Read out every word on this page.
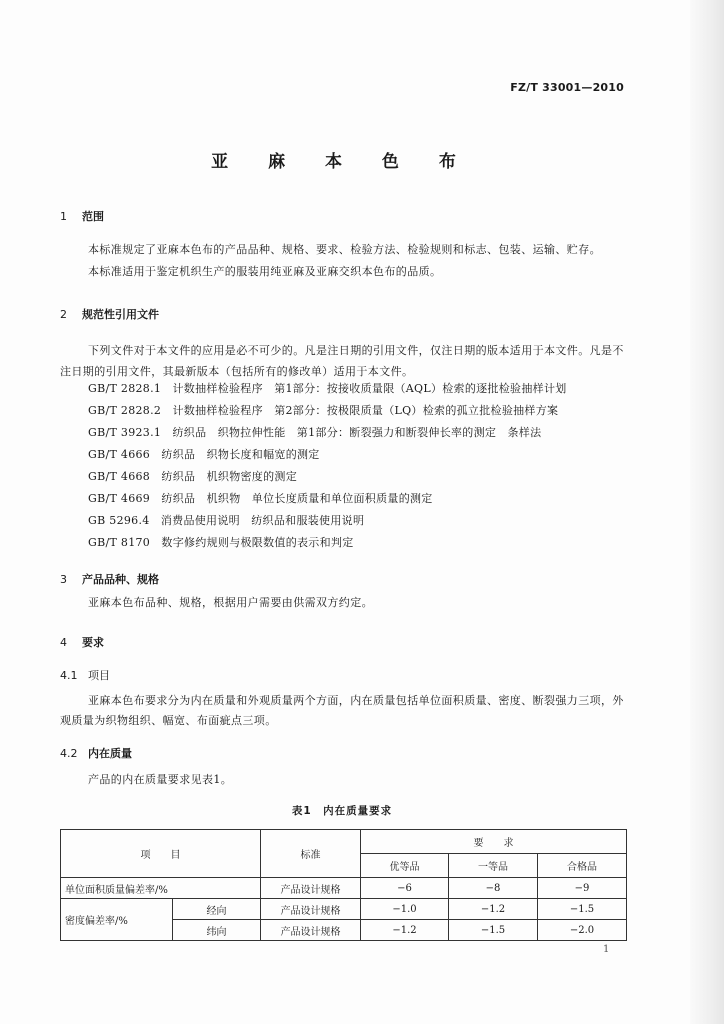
FZ/T 33001—2010
亚 麻 本 色 布
1 范围
本标准规定了亚麻本色布的产品品种、规格、要求、检验方法、检验规则和标志、包装、运输、贮存。
本标准适用于鉴定机织生产的服装用纯亚麻及亚麻交织本色布的品质。
2 规范性引用文件
下列文件对于本文件的应用是必不可少的。凡是注日期的引用文件，仅注日期的版本适用于本文件。凡是不注日期的引用文件，其最新版本（包括所有的修改单）适用于本文件。
GB/T 2828.1　计数抽样检验程序　第1部分：按接收质量限（AQL）检索的逐批检验抽样计划
GB/T 2828.2　计数抽样检验程序　第2部分：按极限质量（LQ）检索的孤立批检验抽样方案
GB/T 3923.1　纺织品　织物拉伸性能　第1部分：断裂强力和断裂伸长率的测定　条样法
GB/T 4666　纺织品　织物长度和幅宽的测定
GB/T 4668　纺织品　机织物密度的测定
GB/T 4669　纺织品　机织物　单位长度质量和单位面积质量的测定
GB 5296.4　消费品使用说明　纺织品和服装使用说明
GB/T 8170　数字修约规则与极限数值的表示和判定
3 产品品种、规格
亚麻本色布品种、规格，根据用户需要由供需双方约定。
4 要求
4.1 项目
亚麻本色布要求分为内在质量和外观质量两个方面，内在质量包括单位面积质量、密度、断裂强力三项，外观质量为织物组织、幅宽、布面疵点三项。
4.2 内在质量
产品的内在质量要求见表1。
表1　内在质量要求
项　　目		标准	要　　求		
			优等品	一等品	合格品
单位面积质量偏差率/%		产品设计规格	−6	−8	−9
密度偏差率/%	经向	产品设计规格	−1.0	−1.2	−1.5
	纬向	产品设计规格	−1.2	−1.5	−2.0
1
